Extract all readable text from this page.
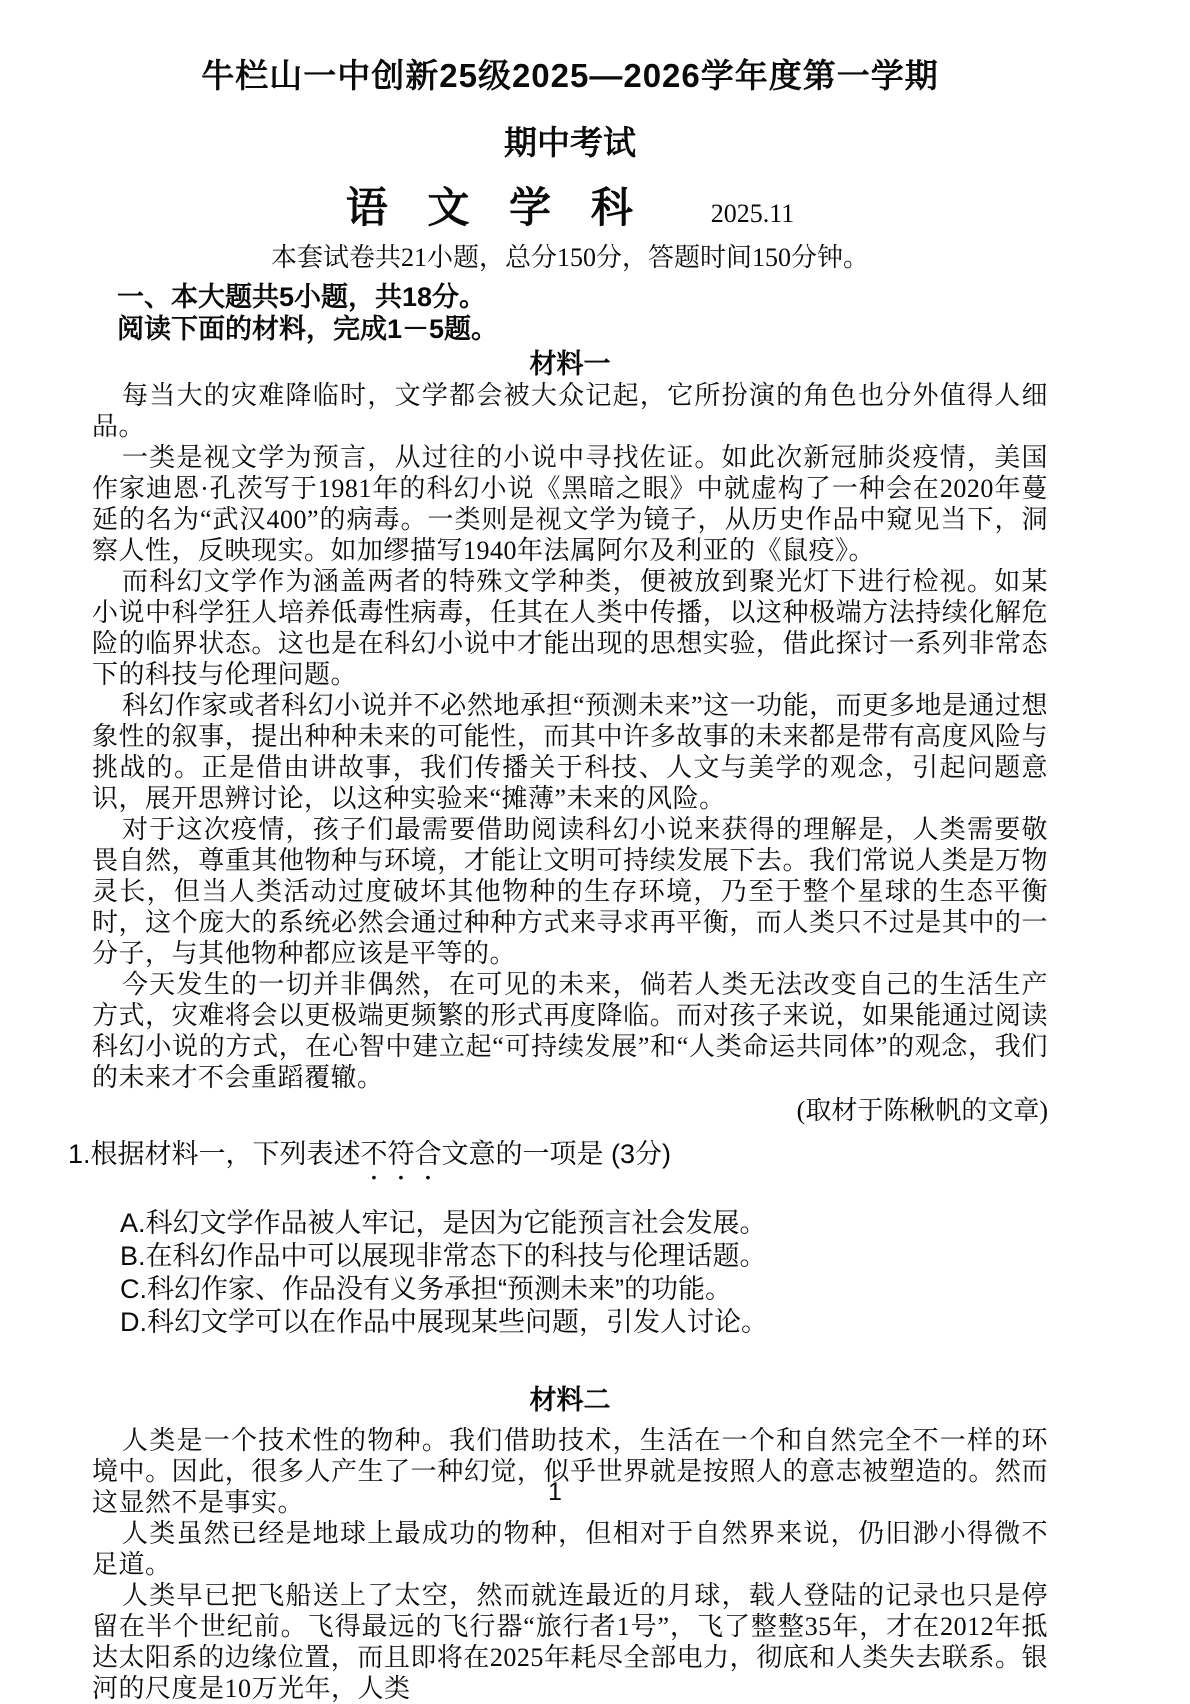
牛栏山一中创新25级2025—2026学年度第一学期
期中考试
语 文 学 科 2025.11
本套试卷共21小题，总分150分，答题时间150分钟。
一、本大题共5小题，共18分。
阅读下面的材料，完成1－5题。
材料一

每当大的灾难降临时，文学都会被大众记起，它所扮演的角色也分外值得人细品。

一类是视文学为预言，从过往的小说中寻找佐证。如此次新冠肺炎疫情，美国作家迪恩·孔茨写于1981年的科幻小说《黑暗之眼》中就虚构了一种会在2020年蔓延的名为“武汉400”的病毒。一类则是视文学为镜子，从历史作品中窥见当下，洞察人性，反映现实。如加缪描写1940年法属阿尔及利亚的《鼠疫》。

而科幻文学作为涵盖两者的特殊文学种类，便被放到聚光灯下进行检视。如某小说中科学狂人培养低毒性病毒，任其在人类中传播，以这种极端方法持续化解危险的临界状态。这也是在科幻小说中才能出现的思想实验，借此探讨一系列非常态下的科技与伦理问题。

科幻作家或者科幻小说并不必然地承担“预测未来”这一功能，而更多地是通过想象性的叙事，提出种种未来的可能性，而其中许多故事的未来都是带有高度风险与挑战的。正是借由讲故事，我们传播关于科技、人文与美学的观念，引起问题意识，展开思辨讨论，以这种实验来“摊薄”未来的风险。

对于这次疫情，孩子们最需要借助阅读科幻小说来获得的理解是，人类需要敬畏自然，尊重其他物种与环境，才能让文明可持续发展下去。我们常说人类是万物灵长，但当人类活动过度破坏其他物种的生存环境，乃至于整个星球的生态平衡时，这个庞大的系统必然会通过种种方式来寻求再平衡，而人类只不过是其中的一分子，与其他物种都应该是平等的。

今天发生的一切并非偶然，在可见的未来，倘若人类无法改变自己的生活生产方式，灾难将会以更极端更频繁的形式再度降临。而对孩子来说，如果能通过阅读科幻小说的方式，在心智中建立起“可持续发展”和“人类命运共同体”的观念，我们的未来才不会重蹈覆辙。

(取材于陈楸帆的文章)

1.根据材料一，下列表述不符合文意的一项是 (3分)
A.科幻文学作品被人牢记，是因为它能预言社会发展。
B.在科幻作品中可以展现非常态下的科技与伦理话题。
C.科幻作家、作品没有义务承担“预测未来”的功能。
D.科幻文学可以在作品中展现某些问题，引发人讨论。
材料二

人类是一个技术性的物种。我们借助技术，生活在一个和自然完全不一样的环境中。因此，很多人产生了一种幻觉，似乎世界就是按照人的意志被塑造的。然而这显然不是事实。

人类虽然已经是地球上最成功的物种，但相对于自然界来说，仍旧渺小得微不足道。

人类早已把飞船送上了太空，然而就连最近的月球，载人登陆的记录也只是停留在半个世纪前。飞得最远的飞行器“旅行者1号”，飞了整整35年，才在2012年抵达太阳系的边缘位置，而且即将在2025年耗尽全部电力，彻底和人类失去联系。银河的尺度是10万光年，人类

1
